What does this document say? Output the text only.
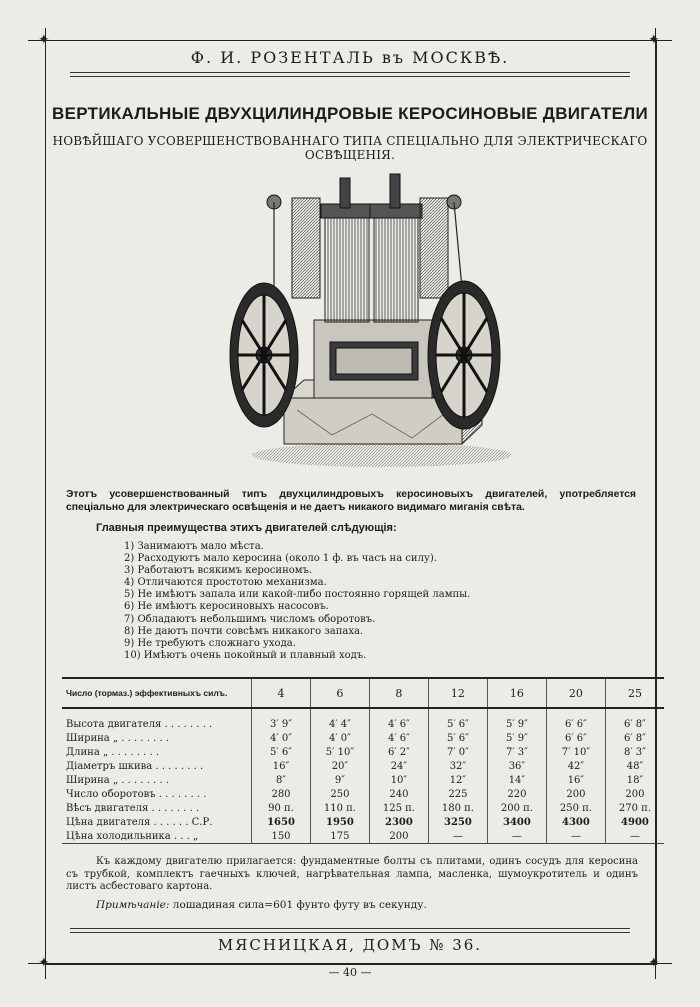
✦	✦
✦	✦
Ф. И. РОЗЕНТАЛЬ въ МОСКВѢ.
ВЕРТИКАЛЬНЫЕ ДВУХЦИЛИНДРОВЫЕ КЕРОСИНОВЫЕ ДВИГАТЕЛИ
НОВѢЙШАГО УСОВЕРШЕНСТВОВАННАГО ТИПА СПЕЦІАЛЬНО ДЛЯ ЭЛЕКТРИЧЕСКАГО ОСВѢЩЕНІЯ.
Этотъ усовершенствованный типъ двухцилиндровыхъ керосиновыхъ двигателей, употребляется спеціально для электрическаго освѣщенія и не даетъ никакого видимаго миганія свѣта.
Главныя преимущества этихъ двигателей слѣдующія:
1) Занимаютъ мало мѣста.
2) Расходуютъ мало керосина (около 1 ф. въ часъ на силу).
3) Работаютъ всякимъ керосиномъ.
4) Отличаются простотою механизма.
5) Не имѣютъ запала или какой-либо постоянно горящей лампы.
6) Не имѣютъ керосиновыхъ насосовъ.
7) Обладаютъ небольшимъ числомъ оборотовъ.
8) Не даютъ почти совсѣмъ никакого запаха.
9) Не требуютъ сложнаго ухода.
10) Имѣютъ очень покойный и плавный ходъ.
Число (тормаз.) эффективныхъ силъ.	4	6	8	12	16	20	25

Высота двигателя . . . . . . . .	3′ 9″	4′ 4″	4′ 6″	5′ 6″	5′ 9″	6′ 6″	6′ 8″
Ширина „ . . . . . . . .	4′ 0″	4′ 0″	4′ 6″	5′ 6″	5′ 9″	6′ 6″	6′ 8″
Длина „ . . . . . . . .	5′ 6″	5′ 10″	6′ 2″	7′ 0″	7′ 3″	7′ 10″	8′ 3″
Діаметръ шкива . . . . . . . .	16″	20″	24″	32″	36″	42″	48″
Ширина „ . . . . . . . .	8″	9″	10″	12″	14″	16″	18″
Число оборотовъ . . . . . . . .	280	250	240	225	220	200	200
Вѣсъ двигателя . . . . . . . .	90 п.	110 п.	125 п.	180 п.	200 п.	250 п.	270 п.
Цѣна двигателя . . . . . . С.Р.	1650	1950	2300	3250	3400	4300	4900
Цѣна холодильника . . . „	150	175	200	—	—	—	—
Къ каждому двигателю прилагается: фундаментные болты съ плитами, одинъ сосудъ для керосина съ трубкой, комплектъ гаечныхъ ключей, нагрѣвательная лампа, масленка, шумоукротитель и одинъ листъ асбестоваго картона.
Примѣчаніе: лошадиная сила=601 фунто футу въ секунду.
МЯСНИЦКАЯ, ДОМЪ № 36.
— 40 —
